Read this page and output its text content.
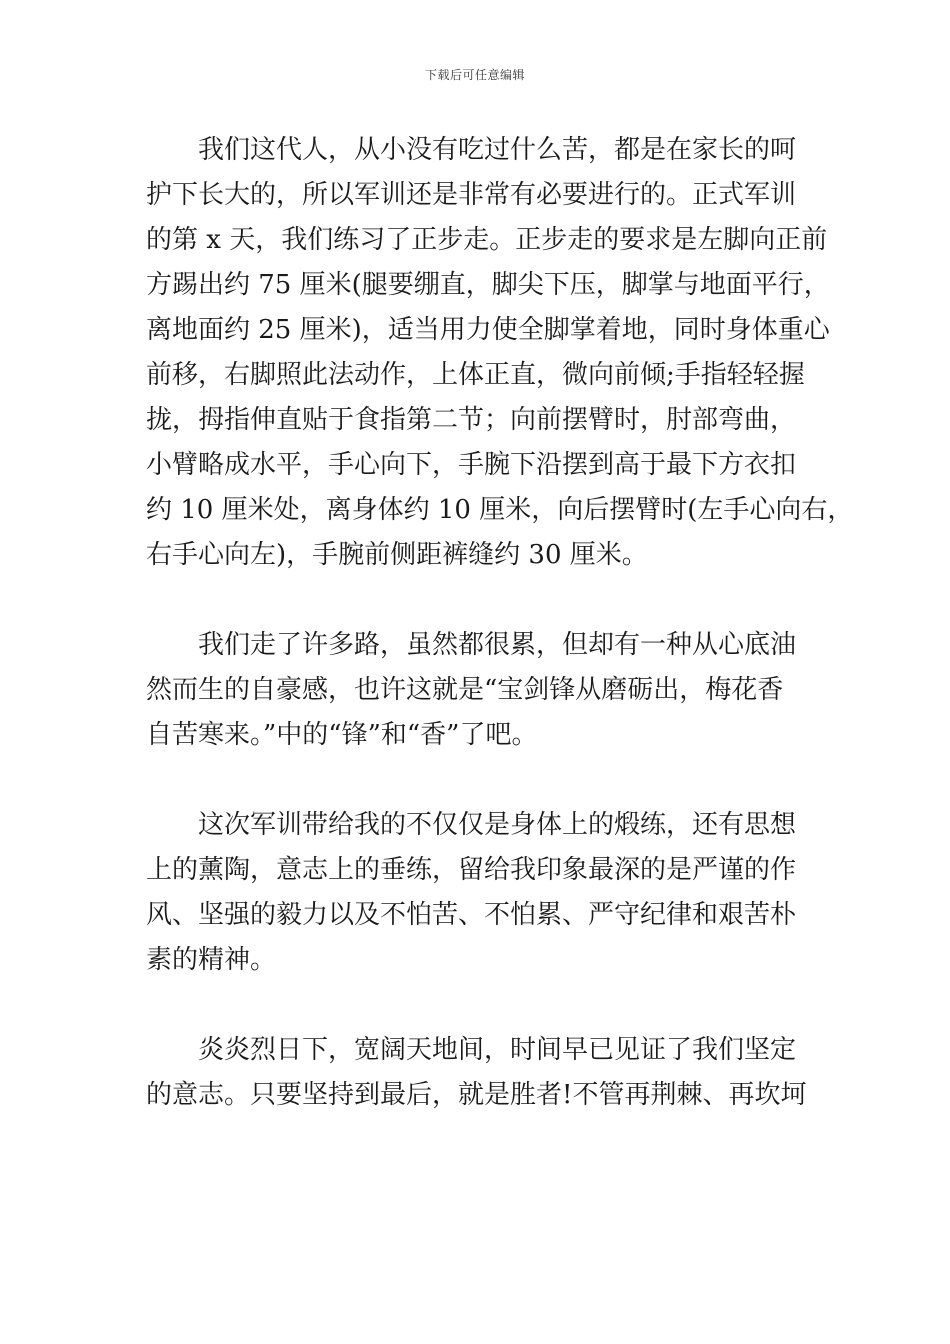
下载后可任意编辑
我们这代人，从小没有吃过什么苦，都是在家长的呵
护下长大的，所以军训还是非常有必要进行的。正式军训
的第 x 天，我们练习了正步走。正步走的要求是左脚向正前
方踢出约 75 厘米(腿要绷直，脚尖下压，脚掌与地面平行，
离地面约 25 厘米)，适当用力使全脚掌着地，同时身体重心
前移，右脚照此法动作，上体正直，微向前倾;手指轻轻握
拢，拇指伸直贴于食指第二节；向前摆臂时，肘部弯曲，
小臂略成水平，手心向下，手腕下沿摆到高于最下方衣扣
约 10 厘米处，离身体约 10 厘米，向后摆臂时(左手心向右，
右手心向左)，手腕前侧距裤缝约 30 厘米。
我们走了许多路，虽然都很累，但却有一种从心底油
然而生的自豪感，也许这就是“宝剑锋从磨砺出，梅花香
自苦寒来。”中的“锋”和“香”了吧。
这次军训带给我的不仅仅是身体上的煅练，还有思想
上的薰陶，意志上的垂练，留给我印象最深的是严谨的作
风、坚强的毅力以及不怕苦、不怕累、严守纪律和艰苦朴
素的精神。
炎炎烈日下，宽阔天地间，时间早已见证了我们坚定
的意志。只要坚持到最后，就是胜者!不管再荆棘、再坎坷
